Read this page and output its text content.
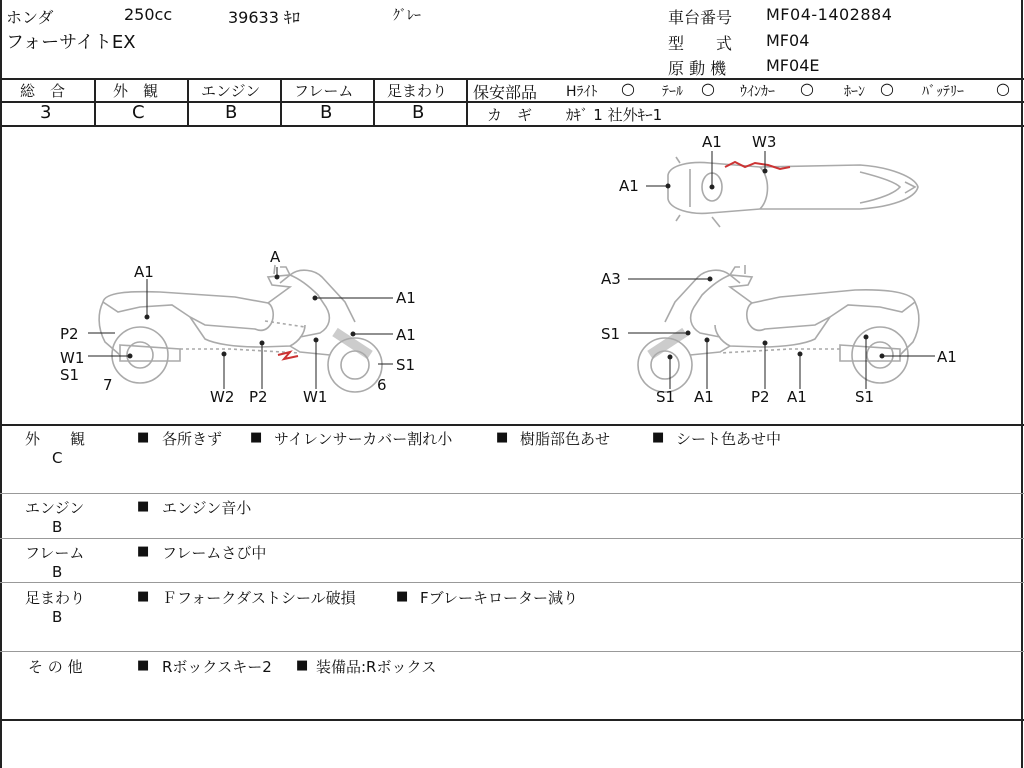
ホンダ	250cc	39633 ｷﾛ	ｸﾞﾚｰ
フォーサイトEX
車台番号 MF04-1402884
型　　式 MF04
原 動 機 MF04E
総　合	外　観	エンジン フレーム 足まわり
3	C	B	B	B
保安部品 Hﾗｲﾄ ○ ﾃｰﾙ ○ ｳｲﾝｶｰ ○ ﾎｰﾝ ○ ﾊﾞｯﾃﾘｰ ○
カ　ギ ｶｷﾞ 1 社外ｷｰ1
A1
A
A1
P2	A1
W1	S1
S1
7
W2 P2 W1
6
A3
S1
A1
S1 A1 P2 A1	S1
A1 W3
A1
外　　観
C
■ 各所きず ■ サイレンサーカバー割れ小	■ 樹脂部色あせ	■ シート色あせ中
エンジン
B
■ エンジン音小
フレーム
B
■ フレームさび中
足まわり
B
■ Ｆフォークダストシール破損	■ Fブレーキローター減り
そ の 他	■ Rボックスキー2 ■ 装備品:Rボックス
